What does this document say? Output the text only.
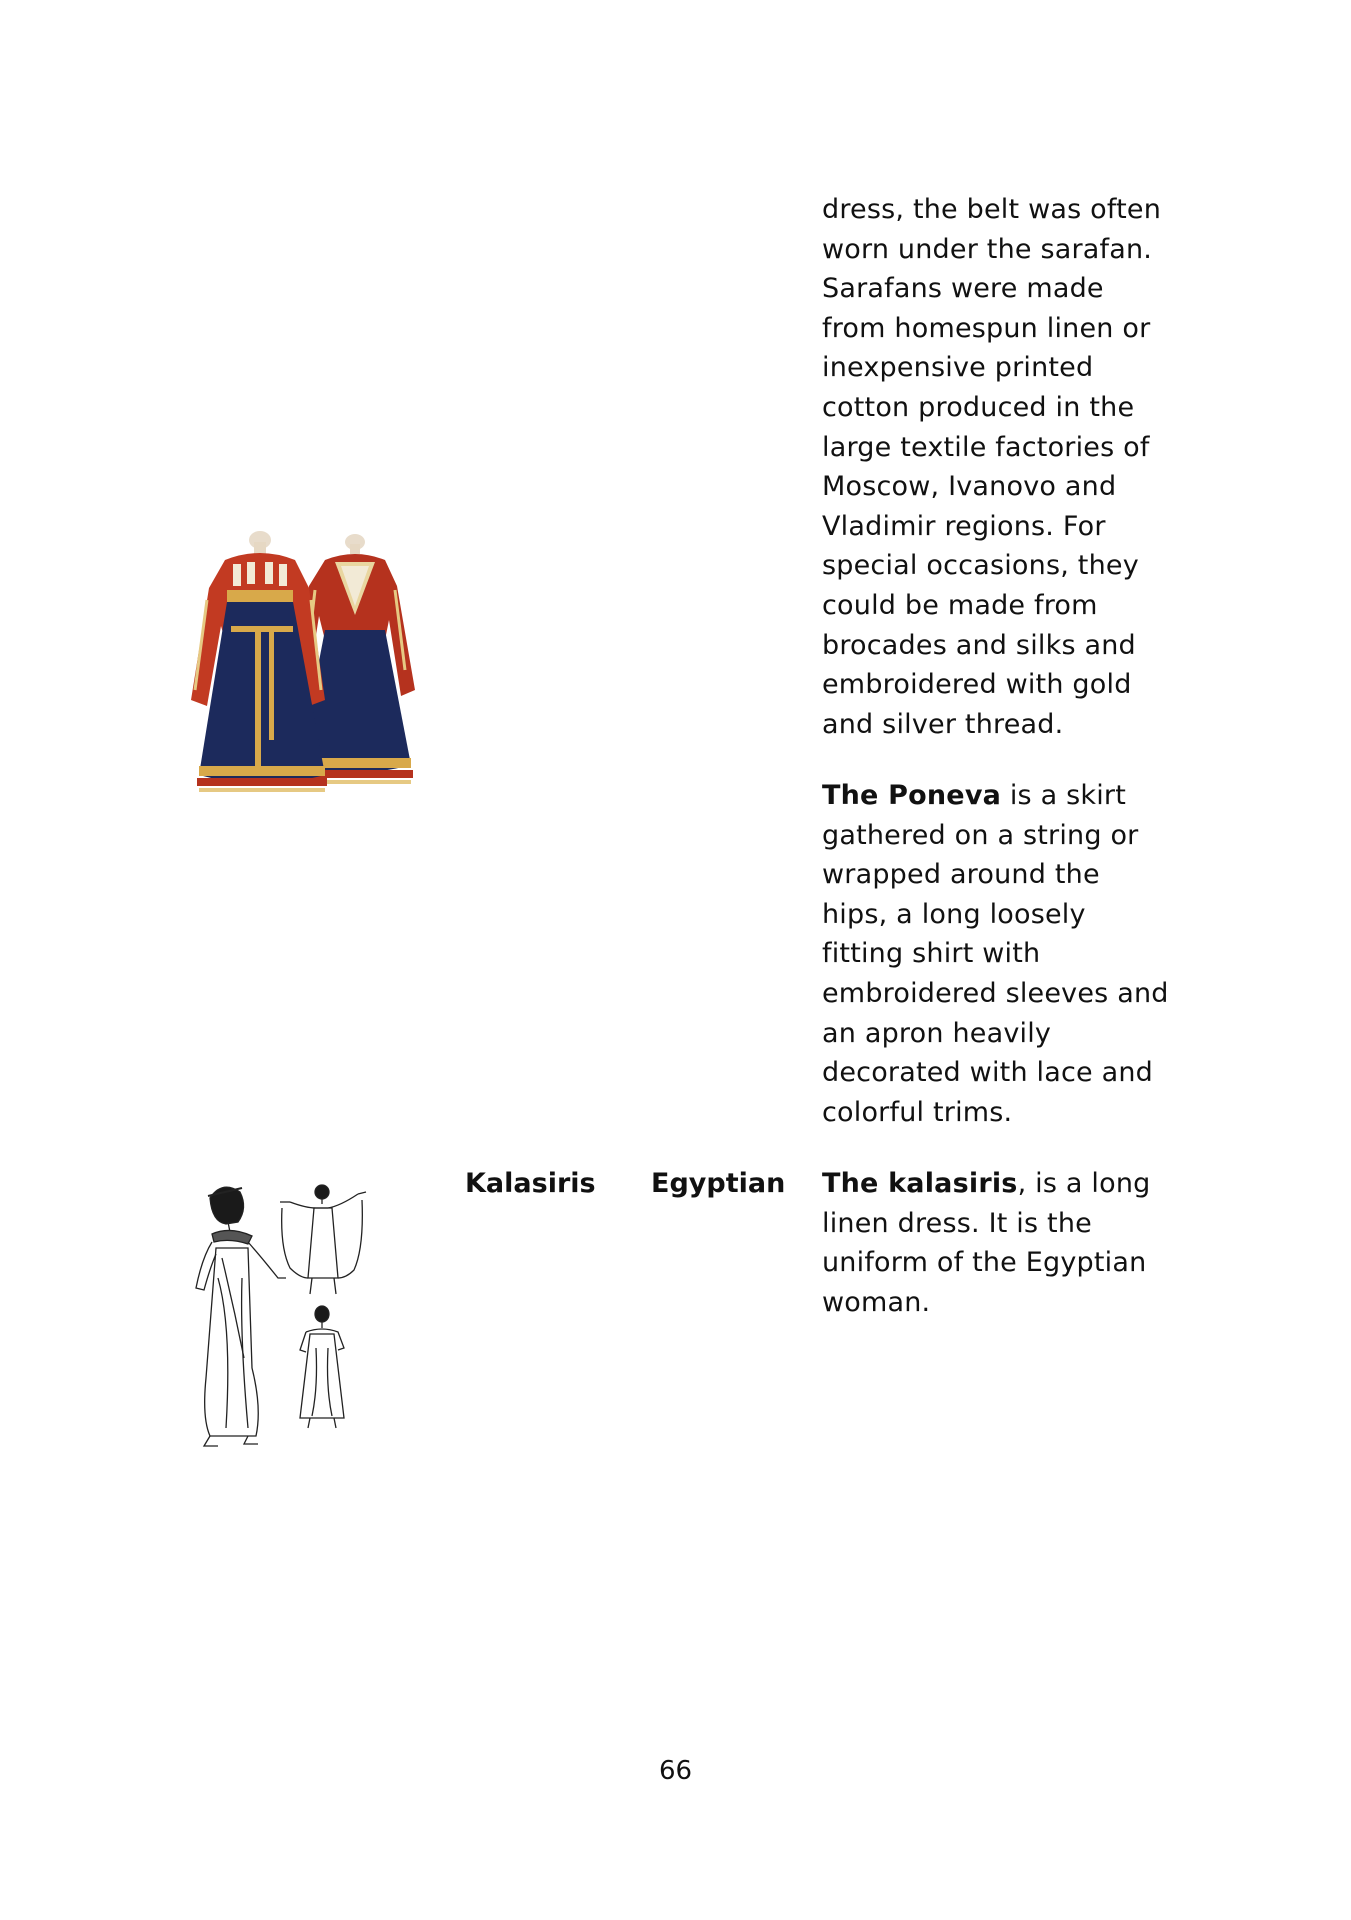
dress, the belt was often
worn under the sarafan.
Sarafans were made
from homespun linen or
inexpensive printed
cotton produced in the
large textile factories of
Moscow, Ivanovo and
Vladimir regions. For
special occasions, they
could be made from
brocades and silks and
embroidered with gold
and silver thread.
The Poneva is a skirt
gathered on a string or
wrapped around the
hips, a long loosely
fitting shirt with
embroidered sleeves and
an apron heavily
decorated with lace and
colorful trims.
Kalasiris Egyptian The kalasiris, is a long
linen dress. It is the
uniform of the Egyptian
woman.
66
